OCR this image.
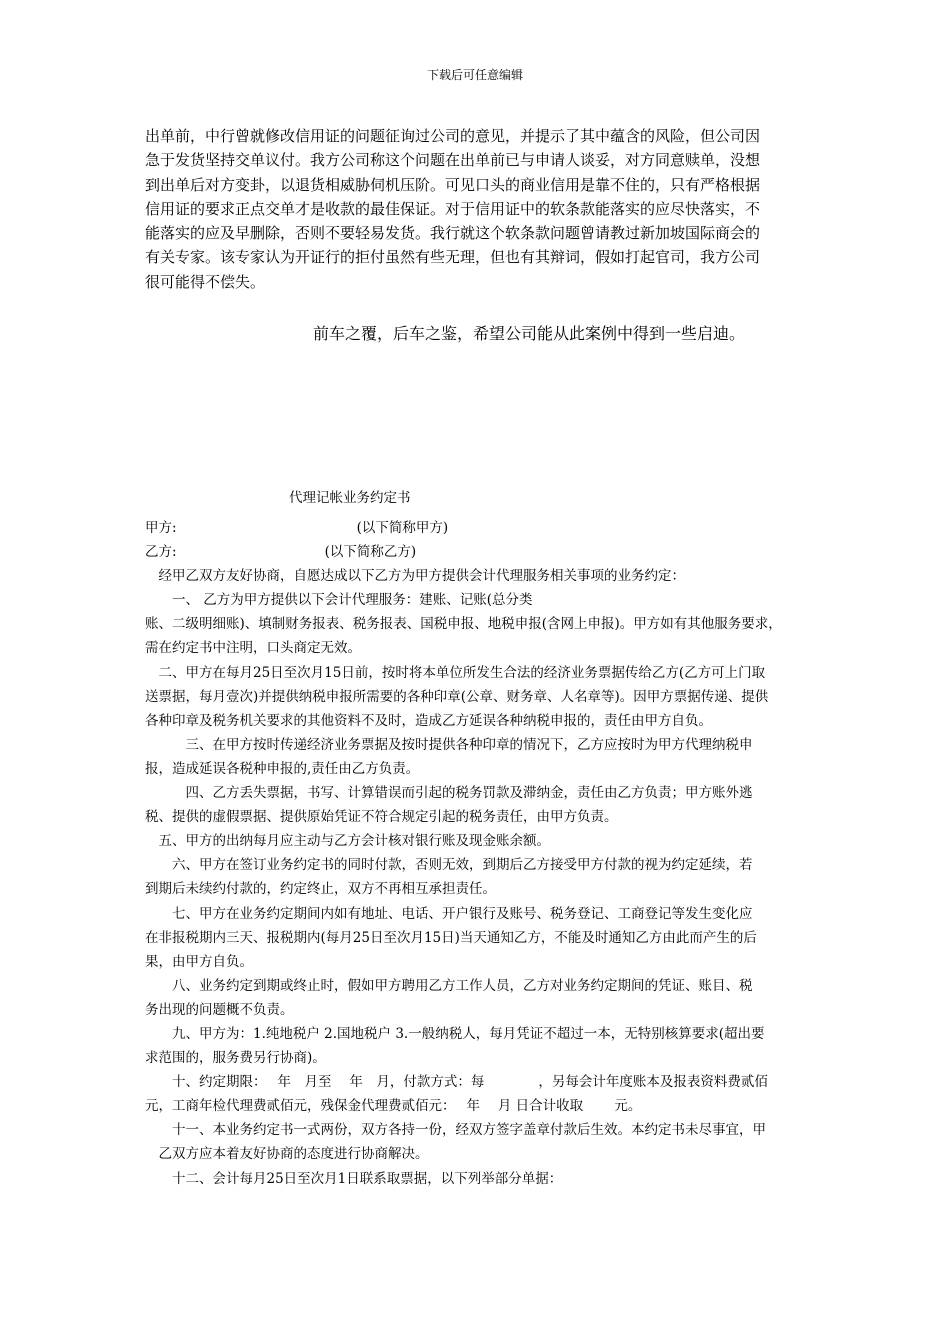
下载后可任意编辑

出单前，中行曾就修改信用证的问题征询过公司的意见，并提示了其中蕴含的风险，但公司因

急于发货坚持交单议付。我方公司称这个问题在出单前已与申请人谈妥，对方同意赎单，没想

到出单后对方变卦，以退货相威胁伺机压阶。可见口头的商业信用是靠不住的，只有严格根据

信用证的要求正点交单才是收款的最佳保证。对于信用证中的软条款能落实的应尽快落实，不

能落实的应及早删除，否则不要轻易发货。我行就这个软条款问题曾请教过新加坡国际商会的

有关专家。该专家认为开证行的拒付虽然有些无理，但也有其辩词，假如打起官司，我方公司

很可能得不偿失。

前车之覆，后车之鉴，希望公司能从此案例中得到一些启迪。
代理记帐业务约定书

甲方:	(以下简称甲方)

乙方:	(以下简称乙方)

　经甲乙双方友好协商，自愿达成以下乙方为甲方提供会计代理服务相关事项的业务约定：

　　一、 乙方为甲方提供以下会计代理服务：建账、记账(总分类

账、二级明细账)、填制财务报表、税务报表、国税申报、地税申报(含网上申报)。甲方如有其他服务要求，

需在约定书中注明，口头商定无效。

　二、甲方在每月25日至次月15日前，按时将本单位所发生合法的经济业务票据传给乙方(乙方可上门取

送票据，每月壹次)并提供纳税申报所需要的各种印章(公章、财务章、人名章等)。因甲方票据传递、提供

各种印章及税务机关要求的其他资料不及时，造成乙方延误各种纳税申报的，责任由甲方自负。

　　　三、在甲方按时传递经济业务票据及按时提供各种印章的情况下，乙方应按时为甲方代理纳税申

报，造成延误各税种申报的,责任由乙方负责。

　　　四、乙方丢失票据，书写、计算错误而引起的税务罚款及滞纳金，责任由乙方负责；甲方账外逃

税、提供的虚假票据、提供原始凭证不符合规定引起的税务责任，由甲方负责。

　五、甲方的出纳每月应主动与乙方会计核对银行账及现金账余额。

　　六、甲方在签订业务约定书的同时付款，否则无效，到期后乙方接受甲方付款的视为约定延续，若

到期后未续约付款的，约定终止，双方不再相互承担责任。

　　七、甲方在业务约定期间内如有地址、电话、开户银行及账号、税务登记、工商登记等发生变化应

在非报税期内三天、报税期内(每月25日至次月15日)当天通知乙方，不能及时通知乙方由此而产生的后

果，由甲方自负。

　　八、业务约定到期或终止时，假如甲方聘用乙方工作人员，乙方对业务约定期间的凭证、账目、税

务出现的问题概不负责。

　　九、甲方为：1.纯地税户 2.国地税户 3.一般纳税人，每月凭证不超过一本，无特别核算要求(超出要

求范围的，服务费另行协商)。

　　十、约定期限：　 年　月至　 年　月，付款方式：每　　　　，另每会计年度账本及报表资料费贰佰

元，工商年检代理费贰佰元，残保金代理费贰佰元：　 年　 月 日合计收取　　 元。

　　十一、本业务约定书一式两份，双方各持一份，经双方签字盖章付款后生效。本约定书未尽事宜，甲

　乙双方应本着友好协商的态度进行协商解决。

　　十二、会计每月25日至次月1日联系取票据，以下列举部分单据：
